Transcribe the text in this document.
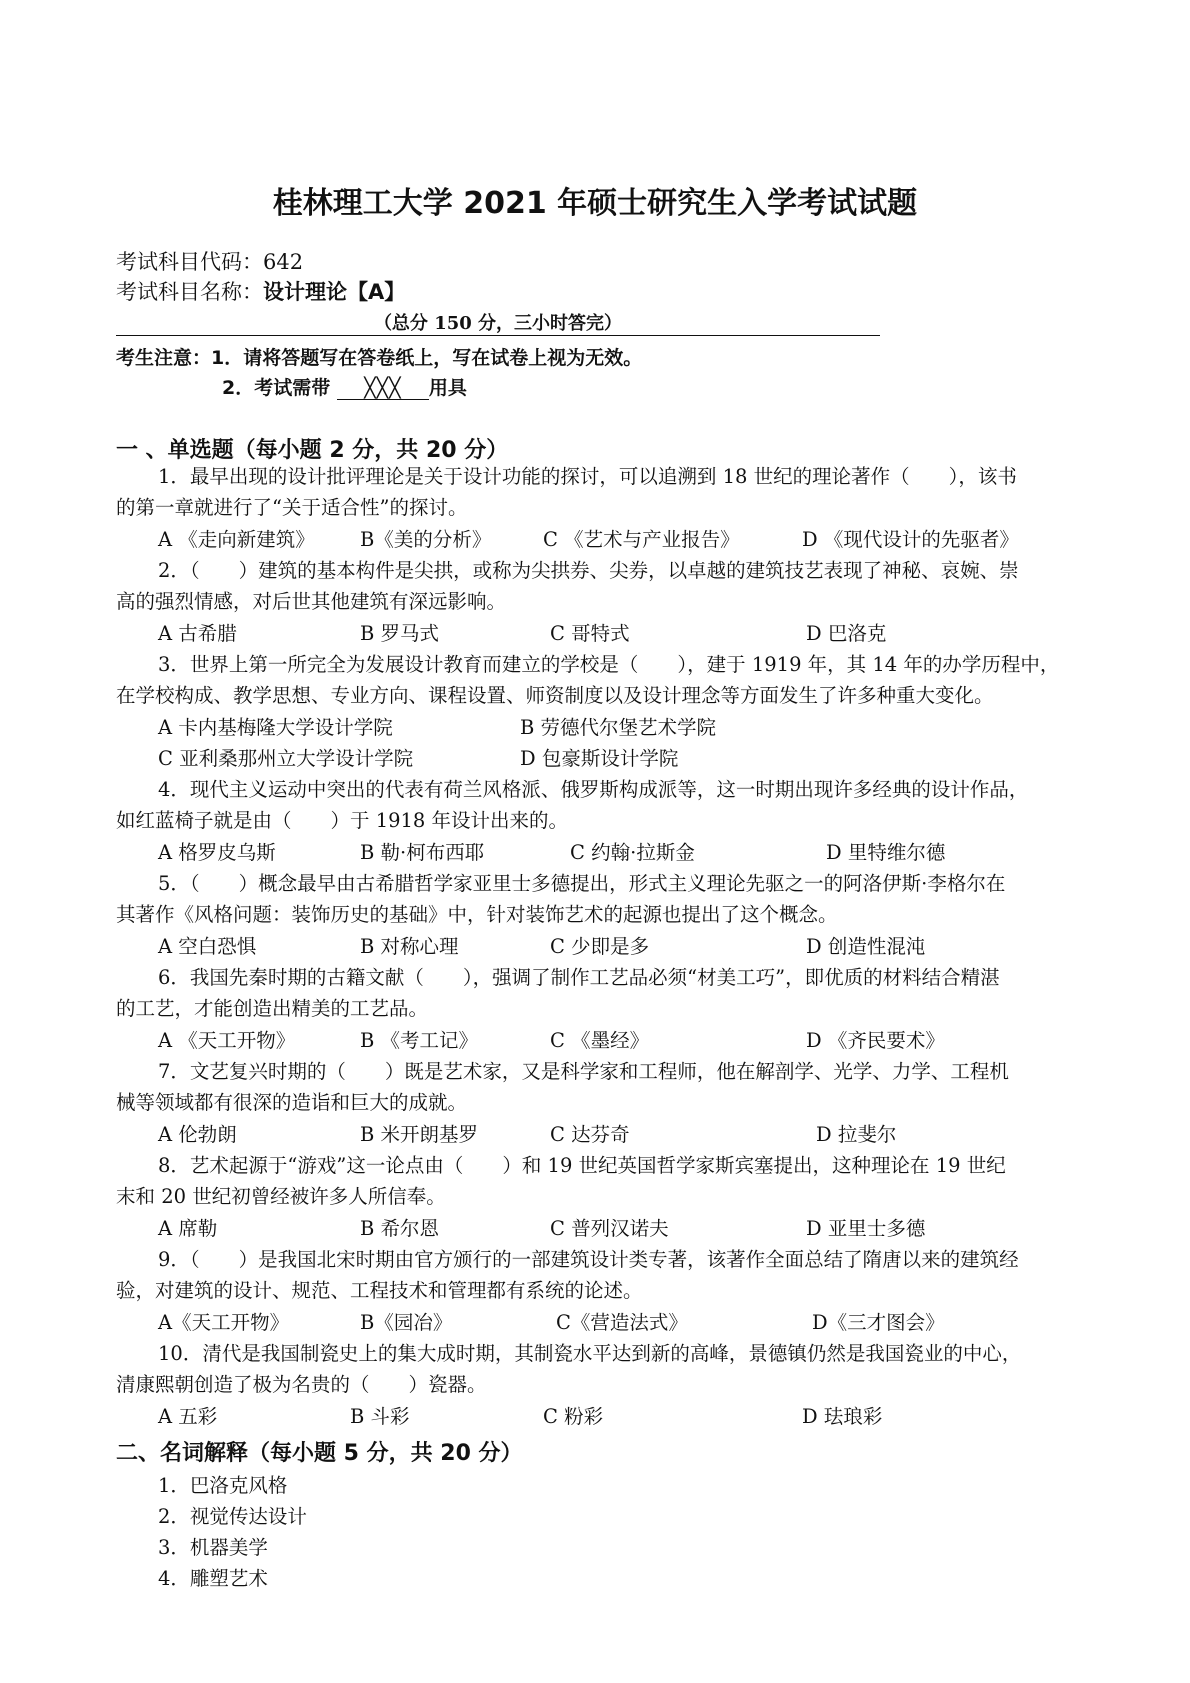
桂林理工大学 2021 年硕士研究生入学考试试题
考试科目代码：642
考试科目名称：设计理论【A】
（总分 150 分，三小时答完）
考生注意：1．请将答题写在答卷纸上，写在试卷上视为无效。
2．考试需带 ╳╳╳ 用具
一 、单选题（每小题 2 分，共 20 分）

1．最早出现的设计批评理论是关于设计功能的探讨，可以追溯到 18 世纪的理论著作（　　），该书

的第一章就进行了“关于适合性”的探讨。

A 《走向新建筑》 B《美的分析》	C 《艺术与产业报告》	D 《现代设计的先驱者》

2．（　　）建筑的基本构件是尖拱，或称为尖拱券、尖券，以卓越的建筑技艺表现了神秘、哀婉、崇

高的强烈情感，对后世其他建筑有深远影响。

A 古希腊	B 罗马式	C 哥特式	D 巴洛克

3．世界上第一所完全为发展设计教育而建立的学校是（　　），建于 1919 年，其 14 年的办学历程中，

在学校构成、教学思想、专业方向、课程设置、师资制度以及设计理念等方面发生了许多种重大变化。

A 卡内基梅隆大学设计学院	B 劳德代尔堡艺术学院
C 亚利桑那州立大学设计学院	D 包豪斯设计学院

4．现代主义运动中突出的代表有荷兰风格派、俄罗斯构成派等，这一时期出现许多经典的设计作品，

如红蓝椅子就是由（　　）于 1918 年设计出来的。

A 格罗皮乌斯	B 勒·柯布西耶	C 约翰·拉斯金	D 里特维尔德

5．（　　）概念最早由古希腊哲学家亚里士多德提出，形式主义理论先驱之一的阿洛伊斯·李格尔在

其著作《风格问题：装饰历史的基础》中，针对装饰艺术的起源也提出了这个概念。

A 空白恐惧	B 对称心理	C 少即是多	D 创造性混沌

6．我国先秦时期的古籍文献（　　），强调了制作工艺品必须“材美工巧”，即优质的材料结合精湛

的工艺，才能创造出精美的工艺品。

A 《天工开物》	B 《考工记》	C 《墨经》	D 《齐民要术》

7．文艺复兴时期的（　　）既是艺术家，又是科学家和工程师，他在解剖学、光学、力学、工程机

械等领域都有很深的造诣和巨大的成就。

A 伦勃朗	B 米开朗基罗	C 达芬奇	D 拉斐尔

8．艺术起源于“游戏”这一论点由（　　）和 19 世纪英国哲学家斯宾塞提出，这种理论在 19 世纪

末和 20 世纪初曾经被许多人所信奉。

A 席勒	B 希尔恩	C 普列汉诺夫	D 亚里士多德

9．（　　）是我国北宋时期由官方颁行的一部建筑设计类专著，该著作全面总结了隋唐以来的建筑经

验，对建筑的设计、规范、工程技术和管理都有系统的论述。

A《天工开物》	B《园冶》	C《营造法式》	D《三才图会》

10．清代是我国制瓷史上的集大成时期，其制瓷水平达到新的高峰，景德镇仍然是我国瓷业的中心，

清康熙朝创造了极为名贵的（　　）瓷器。

A 五彩	B 斗彩	C 粉彩	D 珐琅彩
二、名词解释（每小题 5 分，共 20 分）
1．巴洛克风格
2．视觉传达设计
3．机器美学
4．雕塑艺术
